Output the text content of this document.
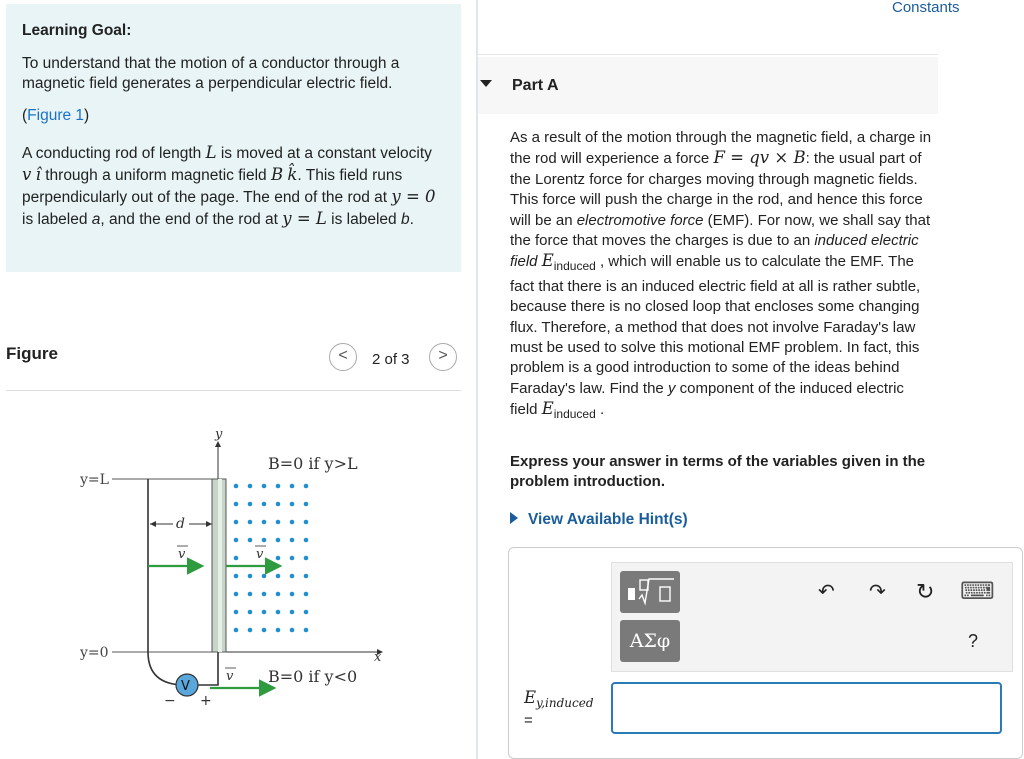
Learning Goal:

To understand that the motion of a conductor through a magnetic field generates a perpendicular electric field.

(Figure 1)

A conducting rod of length L is moved at a constant velocity v î through a uniform magnetic field B k̂. This field runs perpendicularly out of the page. The end of the rod at y = 0 is labeled a, and the end of the rod at y = L is labeled b.

Figure	<	2 of 3	>
y
x
y=L
y=0
d
v	v
v
B=0 if y>L
B=0 if y<0
V
− +
Constants
Part A

As a result of the motion through the magnetic field, a charge in the rod will experience a force F = qv × B: the usual part of the Lorentz force for charges moving through magnetic fields. This force will push the charge in the rod, and hence this force will be an electromotive force (EMF). For now, we shall say that the force that moves the charges is due to an induced electric field $E_{induced}$ , which will enable us to calculate the EMF. The fact that there is an induced electric field at all is rather subtle, because there is no closed loop that encloses some changing flux. Therefore, a method that does not involve Faraday's law must be used to solve this motional EMF problem. In fact, this problem is a good introduction to some of the ideas behind Faraday's law. Find the y component of the induced electric field $E_{induced}$ .

Express your answer in terms of the variables given in the problem introduction.
View Available Hint(s)
ΑΣφ
↶ ↷ ↻ ⌨
?
$E_{y,induced}$
=
